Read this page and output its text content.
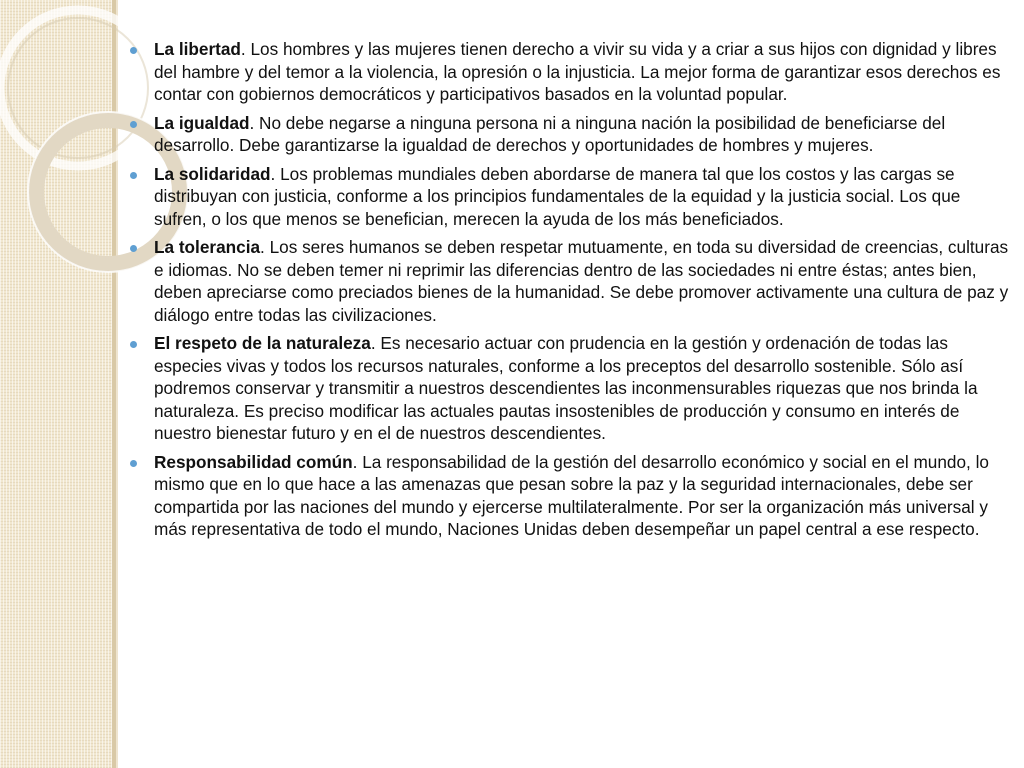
La libertad. Los hombres y las mujeres tienen derecho a vivir su vida y a criar a sus hijos con dignidad y libres del hambre y del temor a la violencia, la opresión o la injusticia. La mejor forma de garantizar esos derechos es contar con gobiernos democráticos y participativos basados en la voluntad popular.
La igualdad. No debe negarse a ninguna persona ni a ninguna nación la posibilidad de beneficiarse del desarrollo. Debe garantizarse la igualdad de derechos y oportunidades de hombres y mujeres.
La solidaridad. Los problemas mundiales deben abordarse de manera tal que los costos y las cargas se distribuyan con justicia, conforme a los principios fundamentales de la equidad y la justicia social. Los que sufren, o los que menos se benefician, merecen la ayuda de los más beneficiados.
La tolerancia. Los seres humanos se deben respetar mutuamente, en toda su diversidad de creencias, culturas e idiomas. No se deben temer ni reprimir las diferencias dentro de las sociedades ni entre éstas; antes bien, deben apreciarse como preciados bienes de la humanidad. Se debe promover activamente una cultura de paz y diálogo entre todas las civilizaciones.
El respeto de la naturaleza. Es necesario actuar con prudencia en la gestión y ordenación de todas las especies vivas y todos los recursos naturales, conforme a los preceptos del desarrollo sostenible. Sólo así podremos conservar y transmitir a nuestros descendientes las inconmensurables riquezas que nos brinda la naturaleza. Es preciso modificar las actuales pautas insostenibles de producción y consumo en interés de nuestro bienestar futuro y en el de nuestros descendientes.
Responsabilidad común. La responsabilidad de la gestión del desarrollo económico y social en el mundo, lo mismo que en lo que hace a las amenazas que pesan sobre la paz y la seguridad internacionales, debe ser compartida por las naciones del mundo y ejercerse multilateralmente. Por ser la organización más universal y más representativa de todo el mundo, Naciones Unidas deben desempeñar un papel central a ese respecto.
